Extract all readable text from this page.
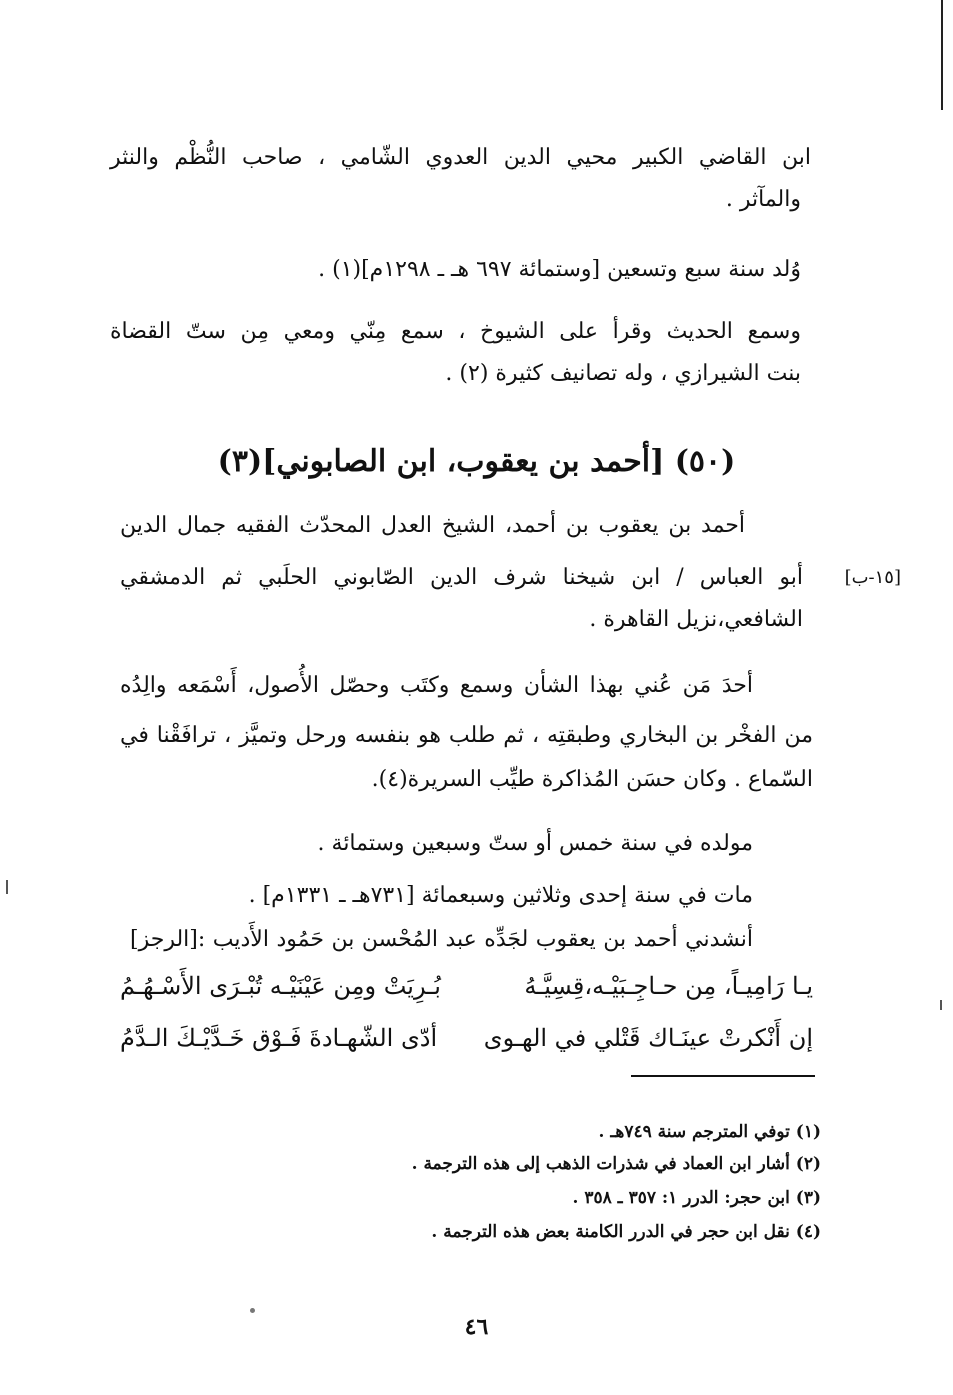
ابن القاضي الكبير محيي الدين العدوي الشّامي ، صاحب النُّظْم والنثر
والمآثر .
وُلد سنة سبع وتسعين [وستمائة ٦٩٧ هـ ـ ١٢٩٨م](١) .
وسمع الحديث وقرأ على الشيوخ ، سمع مِنّي ومعي مِن ستّ القضاة
بنت الشيرازي ، وله تصانيف كثيرة (٢) .
(٥٠) [أحمد بن يعقوب، ابن الصابوني](٣)
أحمد بن يعقوب بن أحمد، الشيخ العدل المحدّث الفقيه جمال الدين
أبو العباس / ابن شيخنا شرف الدين الصّابوني الحلَبي ثم الدمشقي
الشافعي،نزيل القاهرة .
[١٥-ب]
أحدَ مَن عُني بهذا الشأن وسمع وكتَب وحصّل الأُصول، أَسْمَعه والِدُه
من الفخْر بن البخاري وطبقتِه ، ثم طلب هو بنفسه ورحل وتميَّز ، ترافَقْنا في
السّماع . وكان حسَن المُذاكرة طيِّب السريرة(٤).
مولده في سنة خمس أو ستّ وسبعين وستمائة .
مات في سنة إحدى وثلاثين وسبعمائة [٧٣١هـ ـ ١٣٣١م] .
أنشدني أحمد بن يعقوب لجَدِّه عبد المُحْسن بن حَمُود الأَديب :[الرجز]
يـا رَامِيـاً، مِن حـاجِـبَيْـه،قِسِيَّـهُ
بُـرِيَتْ ومِن عَيْنَيْـه تُبْـرَى الأَسْـهُـمُ
إن أَنْكرتْ عينَـاك قَتْلي في الهـوى
أدّى الشّهـادةَ فَـوْق خَـدَّيْـكَ الـدَّمُ
(١) توفي المترجم سنة ٧٤٩هـ .
(٢) أشار ابن العماد في شذرات الذهب إلى هذه الترجمة .
(٣) ابن حجر: الدرر ١: ٣٥٧ ـ ٣٥٨ .
(٤) نقل ابن حجر في الدرر الكامنة بعض هذه الترجمة .
٤٦
